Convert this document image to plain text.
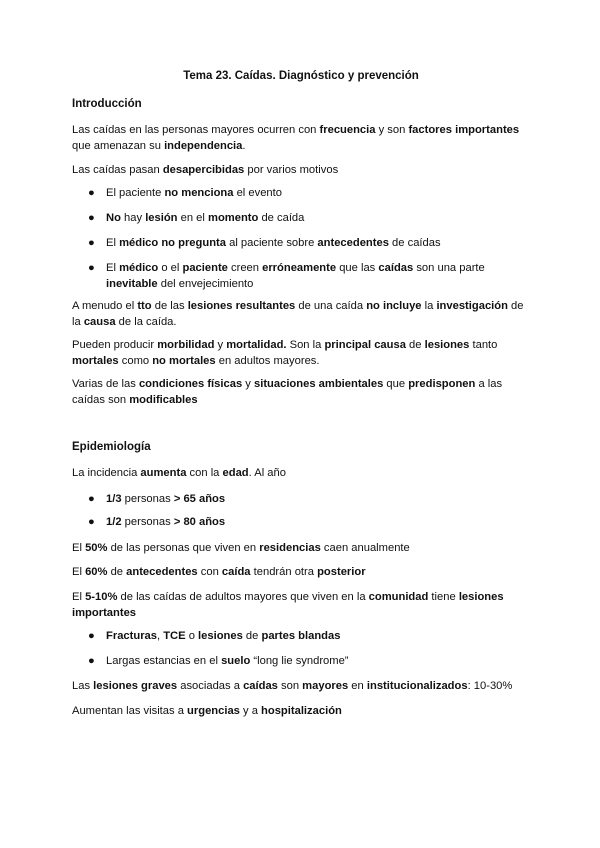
Tema 23. Caídas. Diagnóstico y prevención
Introducción
Las caídas en las personas mayores ocurren con frecuencia y son factores importantes que amenazan su independencia.
Las caídas pasan desapercibidas por varios motivos
● El paciente no menciona el evento
● No hay lesión en el momento de caída
● El médico no pregunta al paciente sobre antecedentes de caídas
● El médico o el paciente creen erróneamente que las caídas son una parte inevitable del envejecimiento
A menudo el tto de las lesiones resultantes de una caída no incluye la investigación de la causa de la caída.
Pueden producir morbilidad y mortalidad. Son la principal causa de lesiones tanto mortales como no mortales en adultos mayores.
Varias de las condiciones físicas y situaciones ambientales que predisponen a las caídas son modificables
Epidemiología
La incidencia aumenta con la edad. Al año
● 1/3 personas > 65 años
● 1/2 personas > 80 años
El 50% de las personas que viven en residencias caen anualmente
El 60% de antecedentes con caída tendrán otra posterior
El 5-10% de las caídas de adultos mayores que viven en la comunidad tiene lesiones importantes
● Fracturas, TCE o lesiones de partes blandas
● Largas estancias en el suelo “long lie syndrome”
Las lesiones graves asociadas a caídas son mayores en institucionalizados: 10-30%
Aumentan las visitas a urgencias y a hospitalización
